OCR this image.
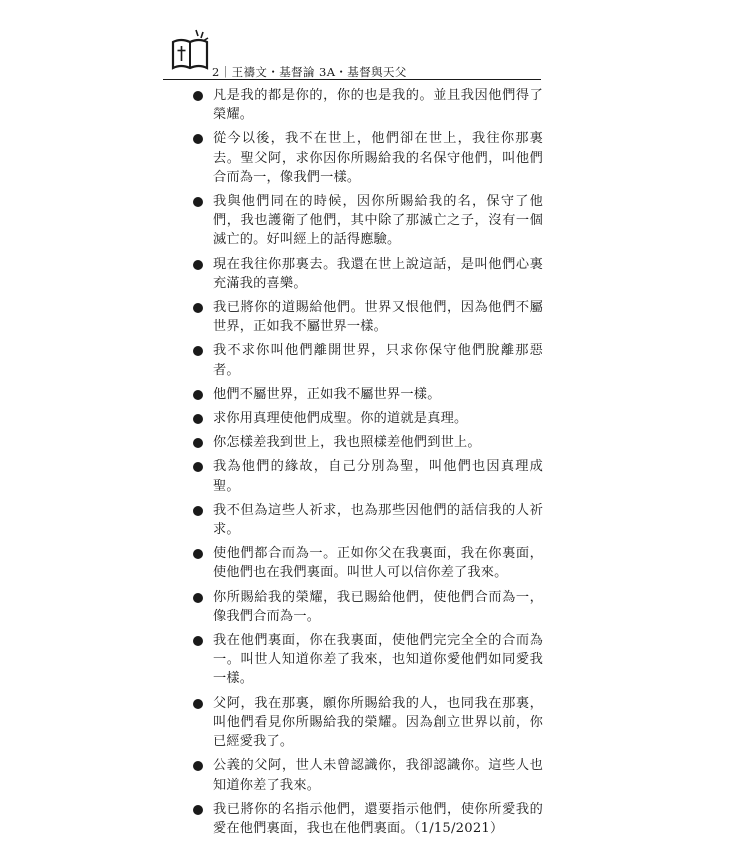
2｜王禱文・基督論 3A・基督與天父
凡是我的都是你的，你的也是我的。並且我因他們得了榮耀。
從今以後，我不在世上，他們卻在世上，我往你那裏去。聖父阿，求你因你所賜給我的名保守他們，叫他們合而為一，像我們一樣。
我與他們同在的時候，因你所賜給我的名，保守了他們，我也護衛了他們，其中除了那滅亡之子，沒有一個滅亡的。好叫經上的話得應驗。
現在我往你那裏去。我還在世上說這話，是叫他們心裏充滿我的喜樂。
我已將你的道賜給他們。世界又恨他們，因為他們不屬世界，正如我不屬世界一樣。
我不求你叫他們離開世界，只求你保守他們脫離那惡者。
他們不屬世界，正如我不屬世界一樣。
求你用真理使他們成聖。你的道就是真理。
你怎樣差我到世上，我也照樣差他們到世上。
我為他們的緣故，自己分別為聖，叫他們也因真理成聖。
我不但為這些人祈求，也為那些因他們的話信我的人祈求。
使他們都合而為一。正如你父在我裏面，我在你裏面，使他們也在我們裏面。叫世人可以信你差了我來。
你所賜給我的榮耀，我已賜給他們，使他們合而為一，像我們合而為一。
我在他們裏面，你在我裏面，使他們完完全全的合而為一。叫世人知道你差了我來，也知道你愛他們如同愛我一樣。
父阿，我在那裏，願你所賜給我的人，也同我在那裏，叫他們看見你所賜給我的榮耀。因為創立世界以前，你已經愛我了。
公義的父阿，世人未曾認識你，我卻認識你。這些人也知道你差了我來。
我已將你的名指示他們，還要指示他們，使你所愛我的愛在他們裏面，我也在他們裏面。（1/15/2021）
